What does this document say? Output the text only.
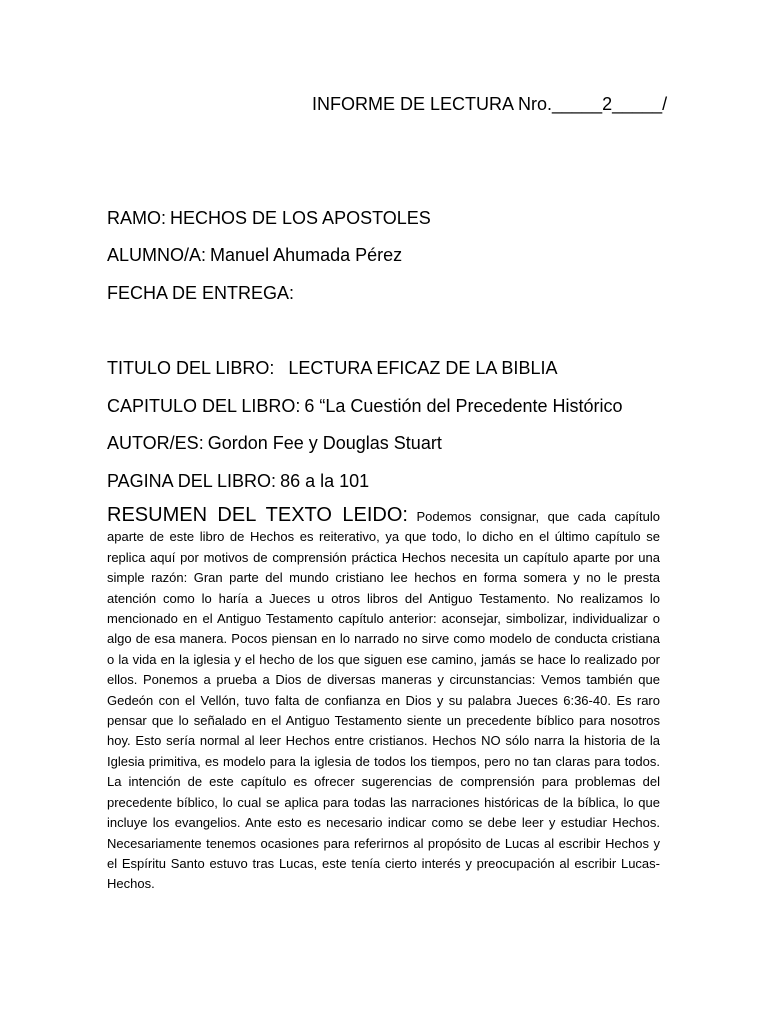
INFORME DE LECTURA Nro._____2_____/
RAMO: HECHOS DE LOS APOSTOLES
ALUMNO/A: Manuel Ahumada Pérez
FECHA DE ENTREGA:
TITULO DEL LIBRO: LECTURA EFICAZ DE LA BIBLIA
CAPITULO DEL LIBRO: 6 “La Cuestión del Precedente Histórico
AUTOR/ES: Gordon Fee y Douglas Stuart
PAGINA DEL LIBRO: 86 a la 101
RESUMEN DEL TEXTO LEIDO: Podemos consignar, que cada capítulo aparte de este libro de Hechos es reiterativo, ya que todo, lo dicho en el último capítulo se replica aquí por motivos de comprensión práctica Hechos necesita un capítulo aparte por una simple razón: Gran parte del mundo cristiano lee hechos en forma somera y no le presta atención como lo haría a Jueces u otros libros del Antiguo Testamento. No realizamos lo mencionado en el Antiguo Testamento capítulo anterior: aconsejar, simbolizar, individualizar o algo de esa manera. Pocos piensan en lo narrado no sirve como modelo de conducta cristiana o la vida en la iglesia y el hecho de los que siguen ese camino, jamás se hace lo realizado por ellos. Ponemos a prueba a Dios de diversas maneras y circunstancias: Vemos también que Gedeón con el Vellón, tuvo falta de confianza en Dios y su palabra Jueces 6:36-40. Es raro pensar que lo señalado en el Antiguo Testamento siente un precedente bíblico para nosotros hoy. Esto sería normal al leer Hechos entre cristianos. Hechos NO sólo narra la historia de la Iglesia primitiva, es modelo para la iglesia de todos los tiempos, pero no tan claras para todos. La intención de este capítulo es ofrecer sugerencias de comprensión para problemas del precedente bíblico, lo cual se aplica para todas las narraciones históricas de la bíblica, lo que incluye los evangelios. Ante esto es necesario indicar como se debe leer y estudiar Hechos. Necesariamente tenemos ocasiones para referirnos al propósito de Lucas al escribir Hechos y el Espíritu Santo estuvo tras Lucas, este tenía cierto interés y preocupación al escribir Lucas-Hechos.
